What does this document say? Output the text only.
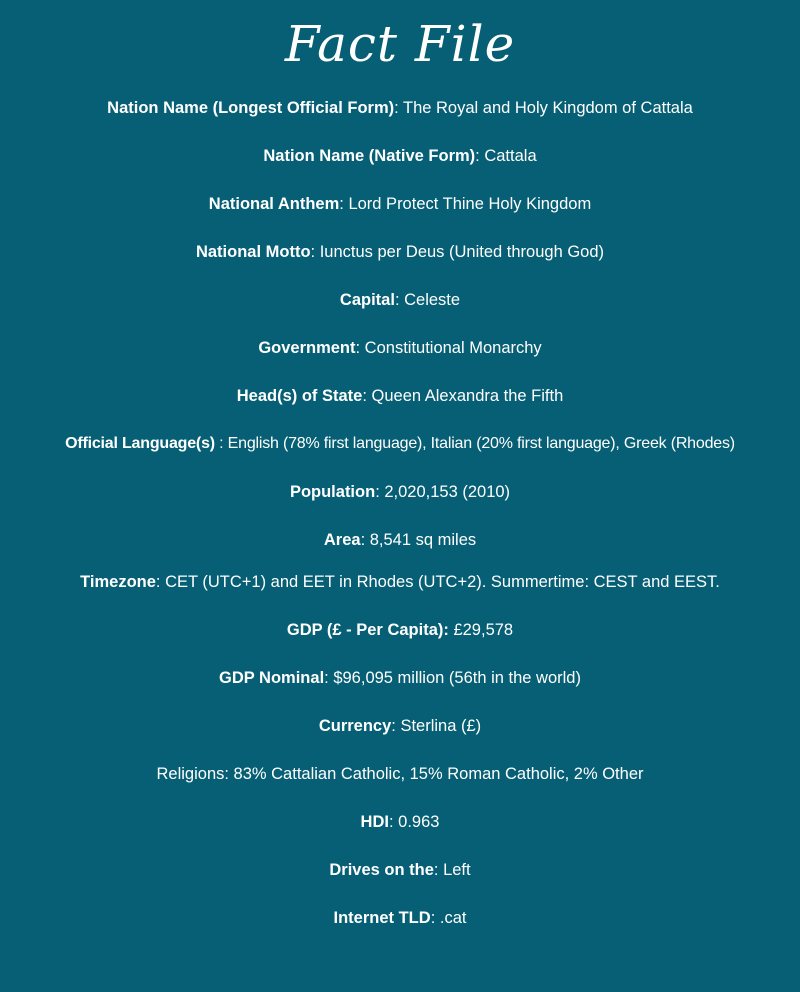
Fact File
Nation Name (Longest Official Form): The Royal and Holy Kingdom of Cattala
Nation Name (Native Form): Cattala
National Anthem: Lord Protect Thine Holy Kingdom
National Motto: Iunctus per Deus (United through God)
Capital: Celeste
Government: Constitutional Monarchy
Head(s) of State: Queen Alexandra the Fifth
Official Language(s) : English (78% first language), Italian (20% first language), Greek (Rhodes)
Population: 2,020,153 (2010)
Area: 8,541 sq miles
Timezone: CET (UTC+1) and EET in Rhodes (UTC+2). Summertime: CEST and EEST.
GDP (£ - Per Capita): £29,578
GDP Nominal: $96,095 million (56th in the world)
Currency: Sterlina (£)
Religions: 83% Cattalian Catholic, 15% Roman Catholic, 2% Other
HDI: 0.963
Drives on the: Left
Internet TLD: .cat
